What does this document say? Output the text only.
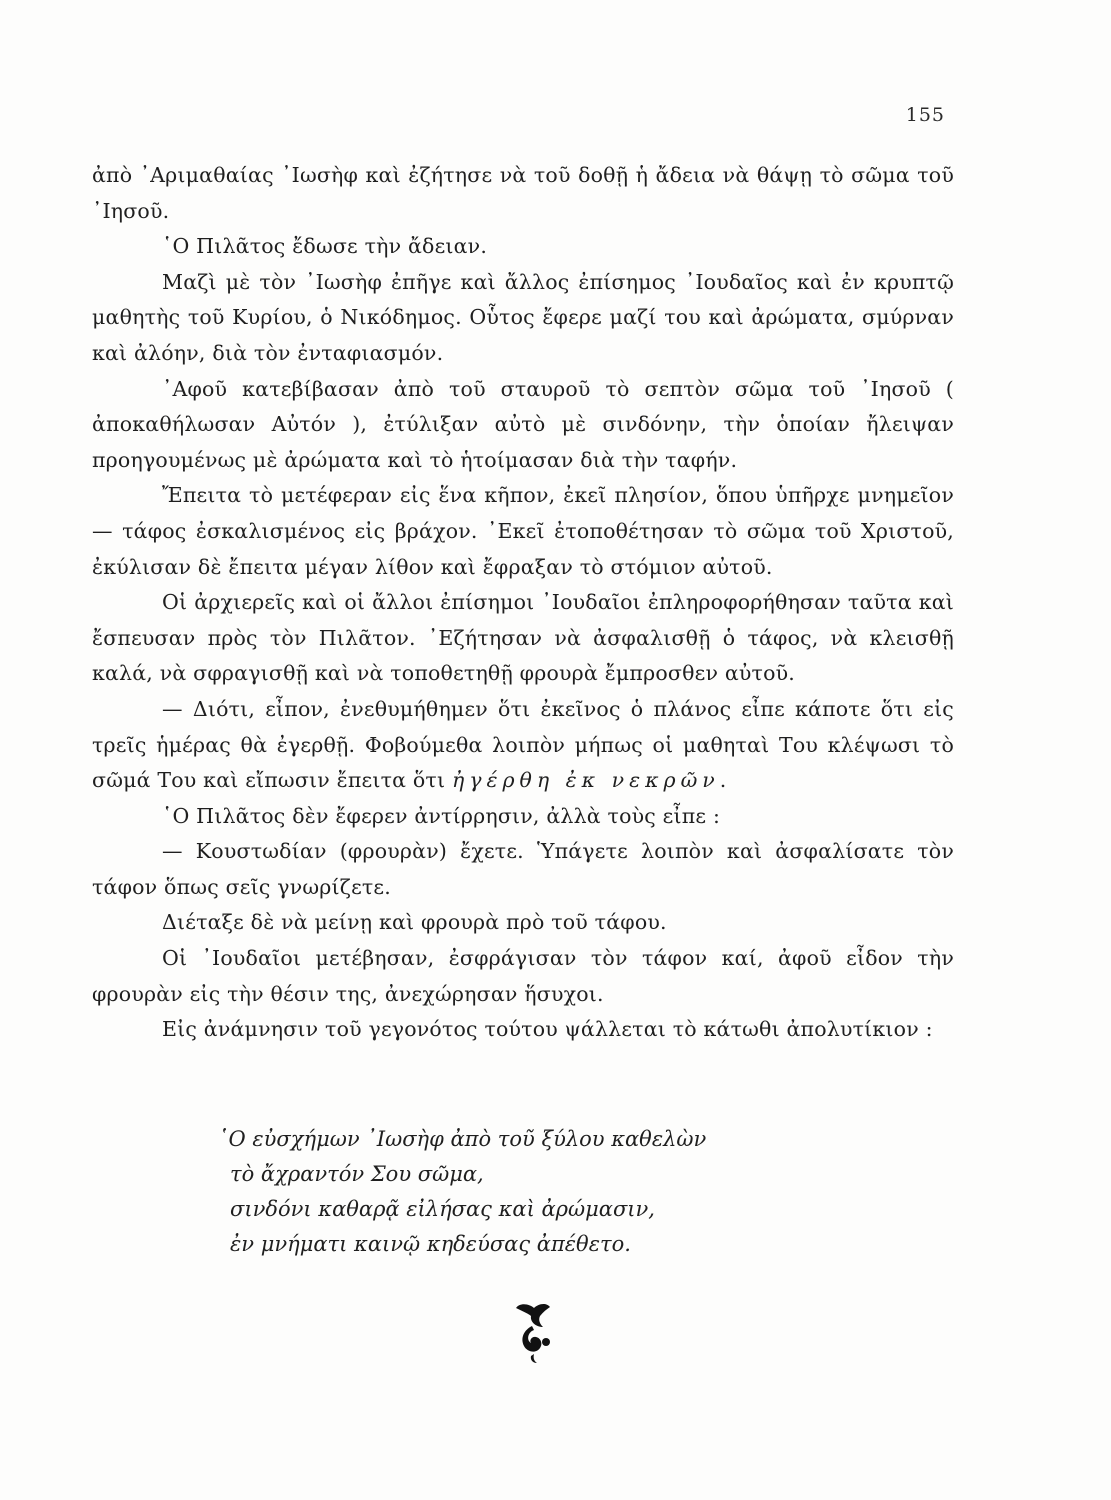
155

ἀπὸ ᾿Αριμαθαίας ᾿Ιωσὴφ καὶ ἐζήτησε νὰ τοῦ δοθῇ ἡ ἄδεια νὰ θάψῃ τὸ σῶμα τοῦ ᾿Ιησοῦ.

῾Ο Πιλᾶτος ἔδωσε τὴν ἄδειαν.

Μαζὶ μὲ τὸν ᾿Ιωσὴφ ἐπῆγε καὶ ἄλλος ἐπίσημος ᾿Ιουδαῖος καὶ ἐν κρυπτῷ μαθητὴς τοῦ Κυρίου, ὁ Νικόδημος. Οὗτος ἔφερε μαζί του καὶ ἀρώματα, σμύρναν καὶ ἀλόην, διὰ τὸν ἐνταφιασμόν.

᾿Αφοῦ κατεβίβασαν ἀπὸ τοῦ σταυροῦ τὸ σεπτὸν σῶμα τοῦ ᾿Ιησοῦ ( ἀποκαθήλωσαν Αὐτόν ), ἐτύλιξαν αὐτὸ μὲ σινδόνην, τὴν ὁποίαν ἤλειψαν προηγουμένως μὲ ἀρώματα καὶ τὸ ἡτοίμασαν διὰ τὴν ταφήν.

Ἔπειτα τὸ μετέφεραν εἰς ἕνα κῆπον, ἐκεῖ πλησίον, ὅπου ὑπῆρχε μνημεῖον — τάφος ἐσκαλισμένος εἰς βράχον. ᾿Εκεῖ ἐτοποθέτησαν τὸ σῶμα τοῦ Χριστοῦ, ἐκύλισαν δὲ ἔπειτα μέγαν λίθον καὶ ἔφραξαν τὸ στόμιον αὐτοῦ.

Οἱ ἀρχιερεῖς καὶ οἱ ἄλλοι ἐπίσημοι ᾿Ιουδαῖοι ἐπληροφορήθησαν ταῦτα καὶ ἔσπευσαν πρὸς τὸν Πιλᾶτον. ᾿Εζήτησαν νὰ ἀσφαλισθῇ ὁ τάφος, νὰ κλεισθῇ καλά, νὰ σφραγισθῇ καὶ νὰ τοποθετηθῇ φρουρὰ ἔμπροσθεν αὐτοῦ.

— Διότι, εἶπον, ἐνεθυμήθημεν ὅτι ἐκεῖνος ὁ πλάνος εἶπε κάποτε ὅτι εἰς τρεῖς ἡμέρας θὰ ἐγερθῇ. Φοβούμεθα λοιπὸν μήπως οἱ μαθηταὶ Του κλέψωσι τὸ σῶμά Του καὶ εἴπωσιν ἔπειτα ὅτι ἠγέρθη ἐκ νεκρῶν.

῾Ο Πιλᾶτος δὲν ἔφερεν ἀντίρρησιν, ἀλλὰ τοὺς εἶπε :

— Κουστωδίαν (φρουρὰν) ἔχετε. Ὑπάγετε λοιπὸν καὶ ἀσφαλίσατε τὸν τάφον ὅπως σεῖς γνωρίζετε.

Διέταξε δὲ νὰ μείνῃ καὶ φρουρὰ πρὸ τοῦ τάφου.

Οἱ ᾿Ιουδαῖοι μετέβησαν, ἐσφράγισαν τὸν τάφον καί, ἀφοῦ εἶδον τὴν φρουρὰν εἰς τὴν θέσιν της, ἀνεχώρησαν ἥσυχοι.

Εἰς ἀνάμνησιν τοῦ γεγονότος τούτου ψάλλεται τὸ κάτωθι ἀπολυτίκιον :

῾Ο εὐσχήμων ᾿Ιωσὴφ ἀπὸ τοῦ ξύλου καθελὼν
τὸ ἄχραντόν Σου σῶμα,
σινδόνι καθαρᾷ εἰλήσας καὶ ἀρώμασιν,
ἐν μνήματι καινῷ κηδεύσας ἀπέθετο.
